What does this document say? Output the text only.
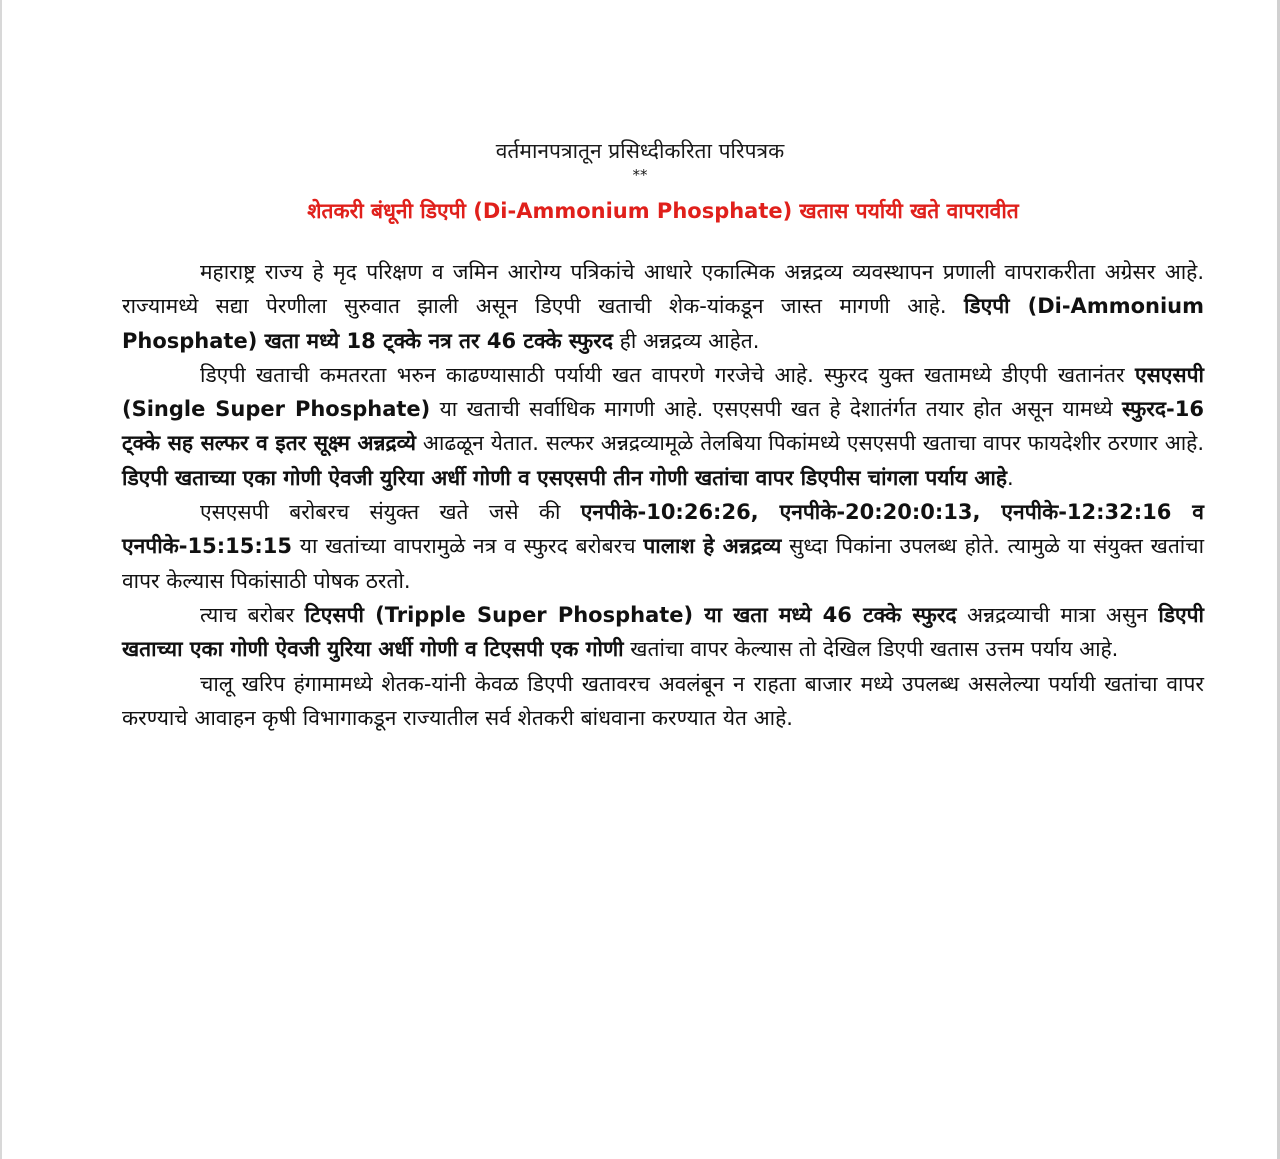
वर्तमानपत्रातून प्रसिध्दीकरिता परिपत्रक
**
शेतकरी बंधूनी डिएपी (Di-Ammonium Phosphate) खतास पर्यायी खते वापरावीत

महाराष्ट्र राज्य हे मृद परिक्षण व जमिन आरोग्य पत्रिकांचे आधारे एकात्मिक अन्नद्रव्य व्यवस्थापन प्रणाली वापराकरीता अग्रेसर आहे. राज्यामध्ये सद्या पेरणीला सुरुवात झाली असून डिएपी खताची शेक-यांकडून जास्त मागणी आहे. डिएपी (Di-Ammonium Phosphate) खता मध्ये 18 ट्क्के नत्र तर 46 टक्के स्फुरद ही अन्नद्रव्य आहेत.

डिएपी खताची कमतरता भरुन काढण्यासाठी पर्यायी खत वापरणे गरजेचे आहे. स्फुरद युक्त खतामध्ये डीएपी खतानंतर एसएसपी (Single Super Phosphate) या खताची सर्वाधिक मागणी आहे. एसएसपी खत हे देशातंर्गत तयार होत असून यामध्ये स्फुरद-16 ट्क्के सह सल्फर व इतर सूक्ष्म अन्नद्रव्ये आढळून येतात. सल्फर अन्नद्रव्यामूळे तेलबिया पिकांमध्ये एसएसपी खताचा वापर फायदेशीर ठरणार आहे. डिएपी खताच्या एका गोणी ऐवजी युरिया अर्धी गोणी व एसएसपी तीन गोणी खतांचा वापर डिएपीस चांगला पर्याय आहे.

एसएसपी बरोबरच संयुक्त खते जसे की एनपीके-10:26:26, एनपीके-20:20:0:13, एनपीके-12:32:16 व एनपीके-15:15:15 या खतांच्या वापरामुळे नत्र व स्फुरद बरोबरच पालाश हे अन्नद्रव्य सुध्दा पिकांना उपलब्ध होते. त्यामुळे या संयुक्त खतांचा वापर केल्यास पिकांसाठी पोषक ठरतो.

त्याच बरोबर टिएसपी (Tripple Super Phosphate) या खता मध्ये 46 टक्के स्फुरद अन्नद्रव्याची मात्रा असुन डिएपी खताच्या एका गोणी ऐवजी युरिया अर्धी गोणी व टिएसपी एक गोणी खतांचा वापर केल्यास तो देखिल डिएपी खतास उत्तम पर्याय आहे.

चालू खरिप हंगामामध्ये शेतक-यांनी केवळ डिएपी खतावरच अवलंबून न राहता बाजार मध्ये उपलब्ध असलेल्या पर्यायी खतांचा वापर करण्याचे आवाहन कृषी विभागाकडून राज्यातील सर्व शेतकरी बांधवाना करण्यात येत आहे.
